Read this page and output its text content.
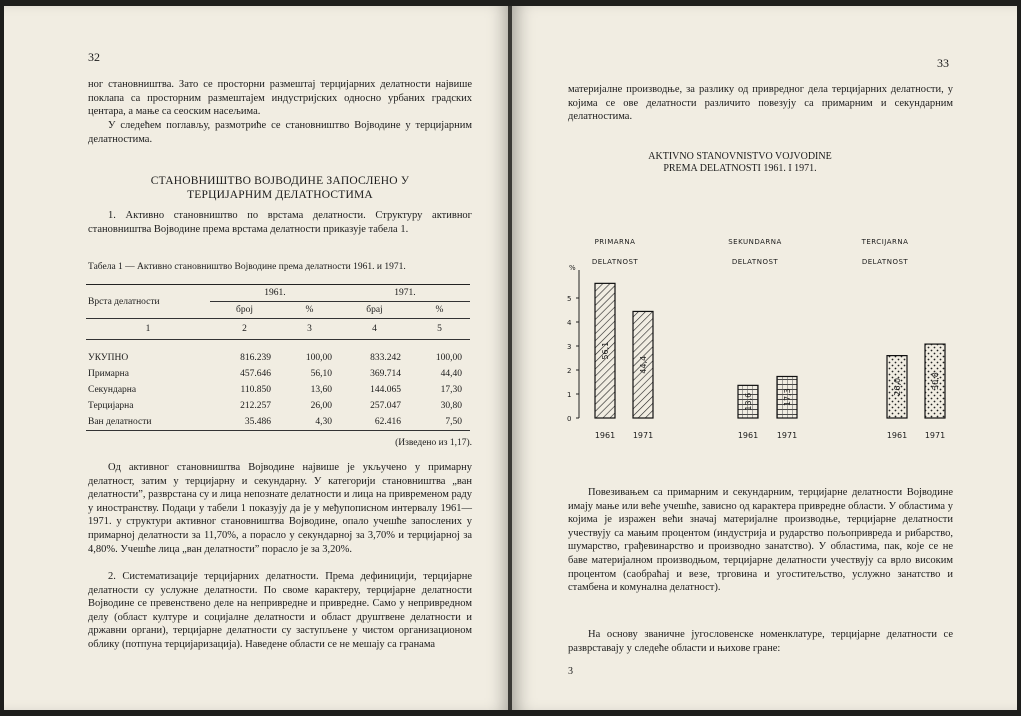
32

ног становништва. Зато се просторни размештај терцијарних делатности највише поклапа са просторним размештајем индустријских односно урбаних градских центара, а мање са сеоским насељима.

У следећем поглављу, размотриће се становништво Војводине у терцијарним делатностима.

СТАНОВНИШТВО ВОЈВОДИНЕ ЗАПОСЛЕНО У

ТЕРЦИЈАРНИМ ДЕЛАТНОСТИМА

1. Активно становништво по врстама делатности. Структуру активног становништва Војводине према врстама делатности приказује табела 1.

Табела 1 — Активно становништво Војводине према делатности 1961. и 1971.

Врста делатности	1961.		1971.	
	број	%	брај	%
1	2	3	4	5

УКУПНО	816.239	100,00	833.242	100,00
Примарна	457.646	56,10	369.714	44,40
Секундарна	110.850	13,60	144.065	17,30
Терцијарна	212.257	26,00	257.047	30,80
Ван делатности	35.486	4,30	62.416	7,50

(Изведено из 1,17).

Од активног становништва Војводине највише је укључено у примарну делатност, затим у терцијарну и секундарну. У категорији становништва „ван делатности”, разврстана су и лица непознате делатности и лица на привременом раду у иностранству. Подаци у табели 1 показују да је у међупописном интервалу 1961—1971. у структури активног становништва Војводине, опало учешће запослених у примарној делатности за 11,70%, а порасло у секундарној за 3,70% и терцијарној за 4,80%. Учешће лица „ван делатности” порасло је за 3,20%.

2. Систематизације терцијарних делатности. Према дефиницији, терцијарне делатности су услужне делатности. По своме карактеру, терцијарне делатности Војводине се превенствено деле на непривредне и привредне. Само у непривредном делу (област културе и социјалне делатности и област друштвене делатности и државни органи), терцијарне делатности су заступљене у чистом организационом облику (потпуна терцијаризација). Наведене области се не мешају са гранама

33

материјалне производње, за разлику од привредног дела терцијарних делатности, у којима се ове делатности различито повезују са примарним и секундарним делатностима.

Повезивањем са примарним и секундарним, терцијарне делатности Војводине имају мање или веће учешће, зависно од карактера привредне области. У областима у којима је изражен већи значај материјалне производње, терцијарне делатности учествују са мањим процентом (индустрија и рударство пољопривреда и рибарство, шумарство, грађевинарство и производно занатство). У областима, пак, које се не баве материјалном производњом, терцијарне делатности учествују са врло високим процентом (саобраћај и везе, трговина и угоститељство, услужно занатство и стамбена и комунална делатност).

На основу званичне југословенске номенклатуре, терцијарне делатности се разврставају у следеће области и њихове гране:

3

AKTIVNO STANOVNISTVO VOJVODINE
PREMA DELATNOSTI 1961. I 1971.

%
0
1
2
3
4
5
PRIMARNA
DELATNOST
SEKUNDARNA
DELATNOST
TERCIJARNA
DELATNOST
56,1
1961
44,4
1971
13,6
1961
17,3
1971
26,0
1961
30,8
1971
